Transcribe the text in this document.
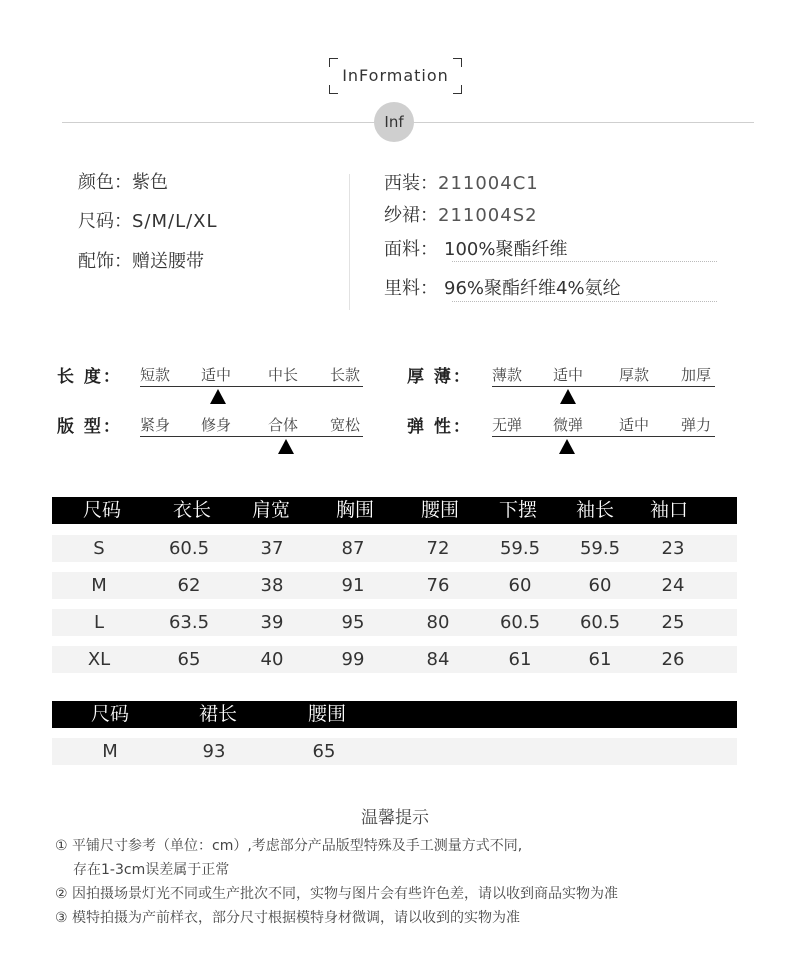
InFormation
Inf
颜色：紫色
尺码：S/M/L/XL
配饰：赠送腰带
西装：211004C1
纱裙：211004S2
面料： 100%聚酯纤维
里料： 96%聚酯纤维4%氨纶
长 度： 短款 适中 中长 长款
版 型： 紧身 修身 合体 宽松
厚 薄： 薄款 适中 厚款 加厚
弹 性： 无弹 微弹 适中 弹力
尺码	衣长	肩宽	胸围	腰围	下摆	袖长	袖口
S	60.5	37	87	72	59.5	59.5	23
M	62	38	91	76	60	60	24
L	63.5	39	95	80	60.5	60.5	25
XL	65	40	99	84	61	61	26
尺码	裙长	腰围
M	93	65
温馨提示
① 平铺尺寸参考（单位：cm）,考虑部分产品版型特殊及手工测量方式不同,
存在1-3cm误差属于正常
② 因拍摄场景灯光不同或生产批次不同，实物与图片会有些许色差，请以收到商品实物为准
③ 模特拍摄为产前样衣，部分尺寸根据模特身材微调，请以收到的实物为准
